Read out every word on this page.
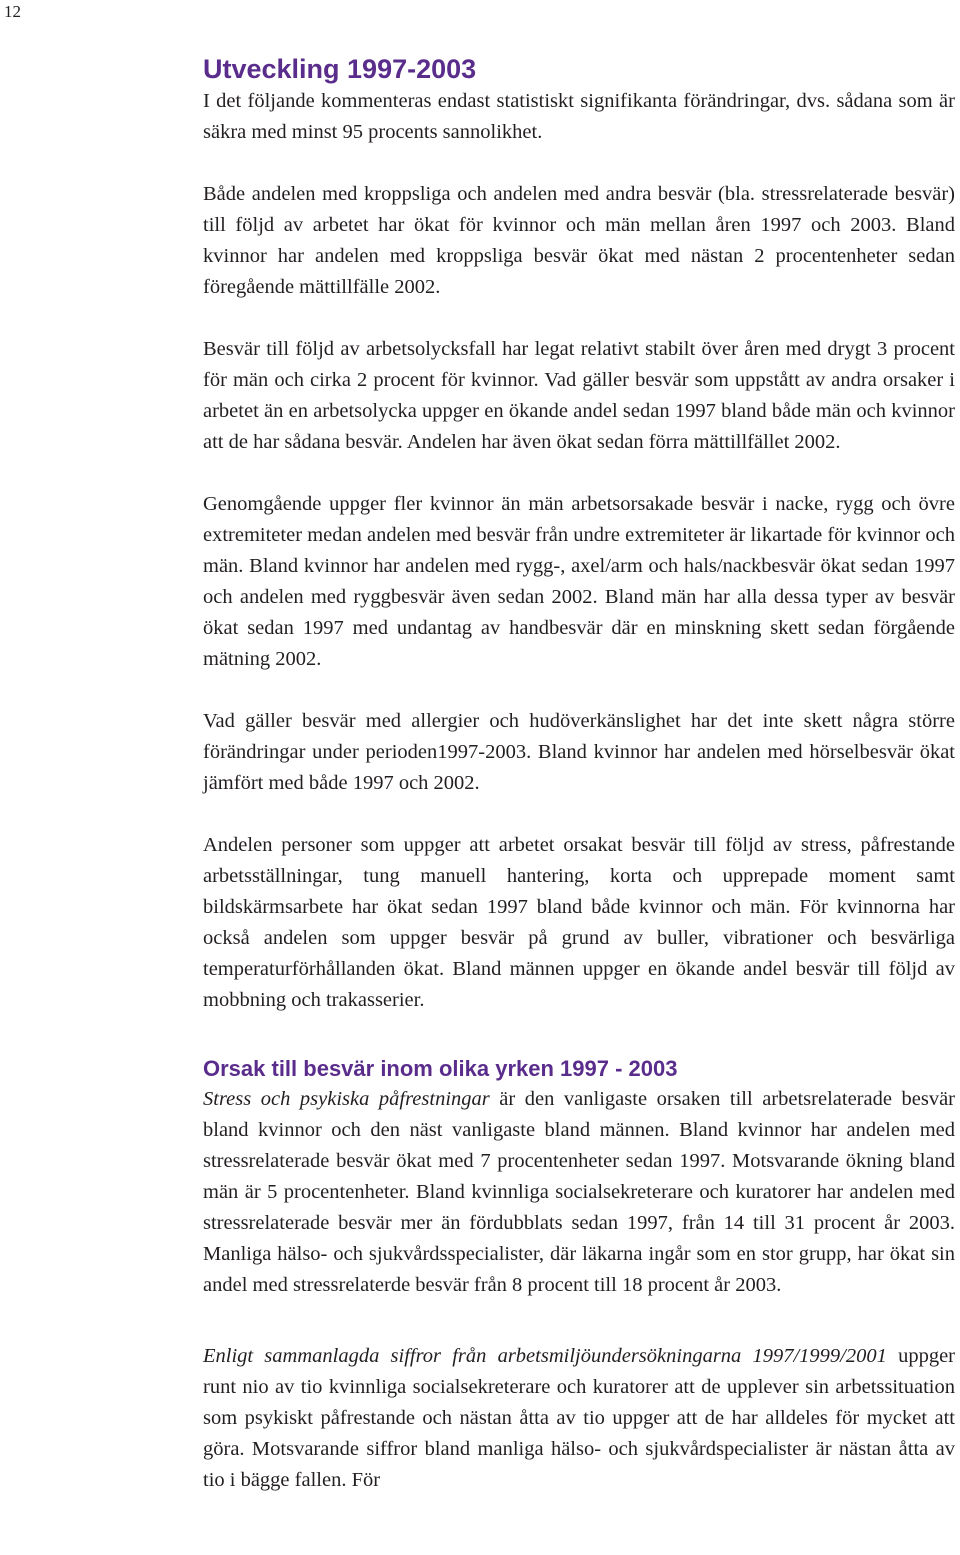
12
Utveckling 1997-2003

I det följande kommenteras endast statistiskt signifikanta förändringar, dvs. sådana som är säkra med minst 95 procents sannolikhet.

Både andelen med kroppsliga och andelen med andra besvär (bla. stressrelaterade besvär) till följd av arbetet har ökat för kvinnor och män mellan åren 1997 och 2003. Bland kvinnor har andelen med kroppsliga besvär ökat med nästan 2 procentenheter sedan föregående mättillfälle 2002.

Besvär till följd av arbetsolycksfall har legat relativt stabilt över åren med drygt 3 procent för män och cirka 2 procent för kvinnor. Vad gäller besvär som uppstått av andra orsaker i arbetet än en arbetsolycka uppger en ökande andel sedan 1997 bland både män och kvinnor att de har sådana besvär. Andelen har även ökat sedan förra mättillfället 2002.

Genomgående uppger fler kvinnor än män arbetsorsakade besvär i nacke, rygg och övre extremiteter medan andelen med besvär från undre extremiteter är likartade för kvinnor och män. Bland kvinnor har andelen med rygg-, axel/arm och hals/nackbesvär ökat sedan 1997 och andelen med ryggbesvär även sedan 2002. Bland män har alla dessa typer av besvär ökat sedan 1997 med undantag av handbesvär där en minskning skett sedan förgående mätning 2002.

Vad gäller besvär med allergier och hudöverkänslighet har det inte skett några större förändringar under perioden1997-2003. Bland kvinnor har andelen med hörselbesvär ökat jämfört med både 1997 och 2002.

Andelen personer som uppger att arbetet orsakat besvär till följd av stress, påfrestande arbetsställningar, tung manuell hantering, korta och upprepade moment samt bildskärmsarbete har ökat sedan 1997 bland både kvinnor och män. För kvinnorna har också andelen som uppger besvär på grund av buller, vibrationer och besvärliga temperaturförhållanden ökat. Bland männen uppger en ökande andel besvär till följd av mobbning och trakasserier.

Orsak till besvär inom olika yrken 1997 - 2003

Stress och psykiska påfrestningar är den vanligaste orsaken till arbetsrelaterade besvär bland kvinnor och den näst vanligaste bland männen. Bland kvinnor har andelen med stressrelaterade besvär ökat med 7 procentenheter sedan 1997. Motsvarande ökning bland män är 5 procentenheter. Bland kvinnliga socialsekreterare och kuratorer har andelen med stressrelaterade besvär mer än fördubblats sedan 1997, från 14 till 31 procent år 2003. Manliga hälso- och sjukvårdsspecialister, där läkarna ingår som en stor grupp, har ökat sin andel med stressrelaterde besvär från 8 procent till 18 procent år 2003.

Enligt sammanlagda siffror från arbetsmiljöundersökningarna 1997/1999/2001 uppger runt nio av tio kvinnliga socialsekreterare och kuratorer att de upplever sin arbetssituation som psykiskt påfrestande och nästan åtta av tio uppger att de har alldeles för mycket att göra. Motsvarande siffror bland manliga hälso- och sjukvårdspecialister är nästan åtta av tio i bägge fallen. För
